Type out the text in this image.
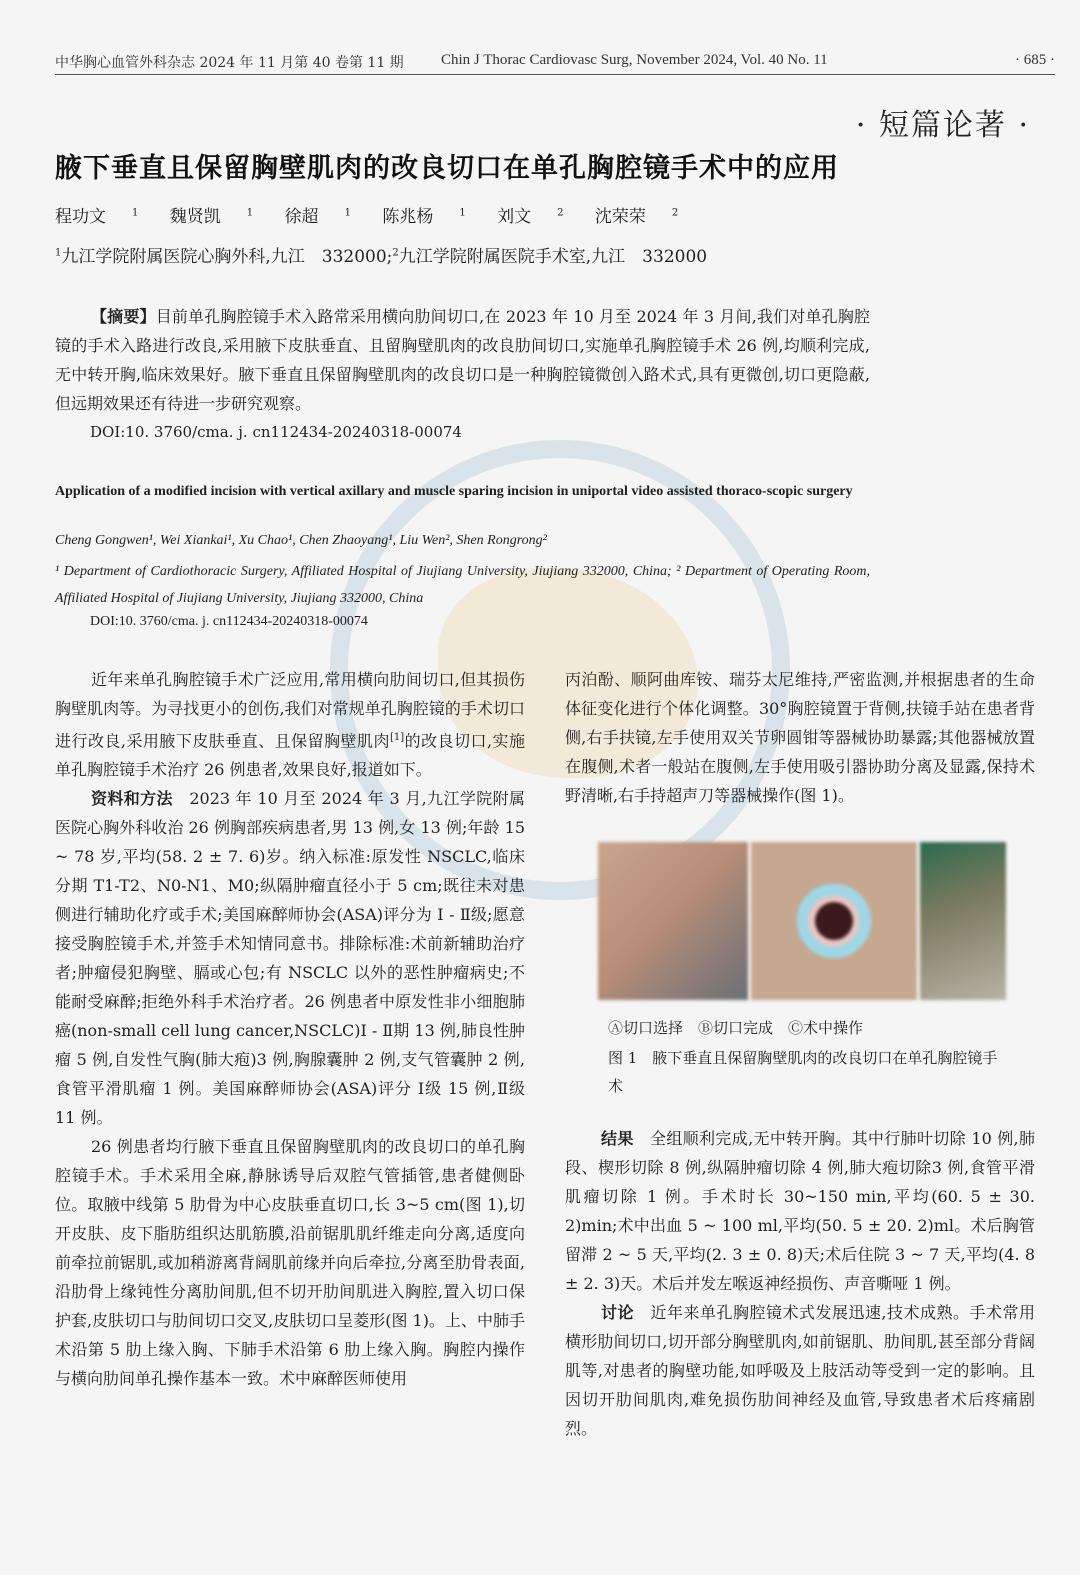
中华胸心血管外科杂志 2024 年 11 月第 40 卷第 11 期 Chin J Thorac Cardiovasc Surg, November 2024, Vol. 40 No. 11	· 685 ·
· 短篇论著 ·
腋下垂直且保留胸壁肌肉的改良切口在单孔胸腔镜手术中的应用
程功文	$^1$ 魏贤凯	$^1$ 徐超	$^1$ 陈兆杨	$^1$ 刘文	$^2$ 沈荣荣	$^2$
$^1$九江学院附属医院心胸外科,九江　332000;$^2$九江学院附属医院手术室,九江　332000
【摘要】目前单孔胸腔镜手术入路常采用横向肋间切口,在 2023 年 10 月至 2024 年 3 月间,我们对单孔胸腔镜的手术入路进行改良,采用腋下皮肤垂直、且留胸壁肌肉的改良肋间切口,实施单孔胸腔镜手术 26 例,均顺利完成,无中转开胸,临床效果好。腋下垂直且保留胸壁肌肉的改良切口是一种胸腔镜微创入路术式,具有更微创,切口更隐蔽,但远期效果还有待进一步研究观察。
DOI:10. 3760/cma. j. cn112434-20240318-00074
Application of a modified incision with vertical axillary and muscle sparing incision in uniportal video assisted thoraco-scopic surgery
Cheng Gongwen¹, Wei Xiankai¹, Xu Chao¹, Chen Zhaoyang¹, Liu Wen², Shen Rongrong²
¹ Department of Cardiothoracic Surgery, Affiliated Hospital of Jiujiang University, Jiujiang 332000, China; ² Department of Operating Room, Affiliated Hospital of Jiujiang University, Jiujiang 332000, China
DOI:10. 3760/cma. j. cn112434-20240318-00074

近年来单孔胸腔镜手术广泛应用,常用横向肋间切口,但其损伤胸壁肌肉等。为寻找更小的创伤,我们对常规单孔胸腔镜的手术切口进行改良,采用腋下皮肤垂直、且保留胸壁肌肉[1]的改良切口,实施单孔胸腔镜手术治疗 26 例患者,效果良好,报道如下。

资料和方法　2023 年 10 月至 2024 年 3 月,九江学院附属医院心胸外科收治 26 例胸部疾病患者,男 13 例,女 13 例;年龄 15 ~ 78 岁,平均(58. 2 ± 7. 6)岁。纳入标准:原发性 NSCLC,临床分期 T1-T2、N0-N1、M0;纵隔肿瘤直径小于 5 cm;既往未对患侧进行辅助化疗或手术;美国麻醉师协会(ASA)评分为 Ⅰ - Ⅱ级;愿意接受胸腔镜手术,并签手术知情同意书。排除标准:术前新辅助治疗者;肿瘤侵犯胸壁、膈或心包;有 NSCLC 以外的恶性肿瘤病史;不能耐受麻醉;拒绝外科手术治疗者。26 例患者中原发性非小细胞肺癌(non-small cell lung cancer,NSCLC)Ⅰ - Ⅱ期 13 例,肺良性肿瘤 5 例,自发性气胸(肺大疱)3 例,胸腺囊肿 2 例,支气管囊肿 2 例,食管平滑肌瘤 1 例。美国麻醉师协会(ASA)评分 Ⅰ级 15 例,Ⅱ级 11 例。

26 例患者均行腋下垂直且保留胸壁肌肉的改良切口的单孔胸腔镜手术。手术采用全麻,静脉诱导后双腔气管插管,患者健侧卧位。取腋中线第 5 肋骨为中心皮肤垂直切口,长 3~5 cm(图 1),切开皮肤、皮下脂肪组织达肌筋膜,沿前锯肌肌纤维走向分离,适度向前牵拉前锯肌,或加稍游离背阔肌前缘并向后牵拉,分离至肋骨表面,沿肋骨上缘钝性分离肋间肌,但不切开肋间肌进入胸腔,置入切口保护套,皮肤切口与肋间切口交叉,皮肤切口呈菱形(图 1)。上、中肺手术沿第 5 肋上缘入胸、下肺手术沿第 6 肋上缘入胸。胸腔内操作与横向肋间单孔操作基本一致。术中麻醉医师使用

丙泊酚、顺阿曲库铵、瑞芬太尼维持,严密监测,并根据患者的生命体征变化进行个体化调整。30°胸腔镜置于背侧,扶镜手站在患者背侧,右手扶镜,左手使用双关节卵圆钳等器械协助暴露;其他器械放置在腹侧,术者一般站在腹侧,左手使用吸引器协助分离及显露,保持术野清晰,右手持超声刀等器械操作(图 1)。

Ⓐ切口选择　Ⓑ切口完成　Ⓒ术中操作
图 1　腋下垂直且保留胸壁肌肉的改良切口在单孔胸腔镜手术

结果　全组顺利完成,无中转开胸。其中行肺叶切除 10 例,肺段、楔形切除 8 例,纵隔肿瘤切除 4 例,肺大疱切除3 例,食管平滑肌瘤切除 1 例。手术时长 30~150 min,平均(60. 5 ± 30. 2)min;术中出血 5 ~ 100 ml,平均(50. 5 ± 20. 2)ml。术后胸管留滞 2 ~ 5 天,平均(2. 3 ± 0. 8)天;术后住院 3 ~ 7 天,平均(4. 8 ± 2. 3)天。术后并发左喉返神经损伤、声音嘶哑 1 例。

讨论　近年来单孔胸腔镜术式发展迅速,技术成熟。手术常用横形肋间切口,切开部分胸壁肌肉,如前锯肌、肋间肌,甚至部分背阔肌等,对患者的胸壁功能,如呼吸及上肢活动等受到一定的影响。且因切开肋间肌肉,难免损伤肋间神经及血管,导致患者术后疼痛剧烈。
